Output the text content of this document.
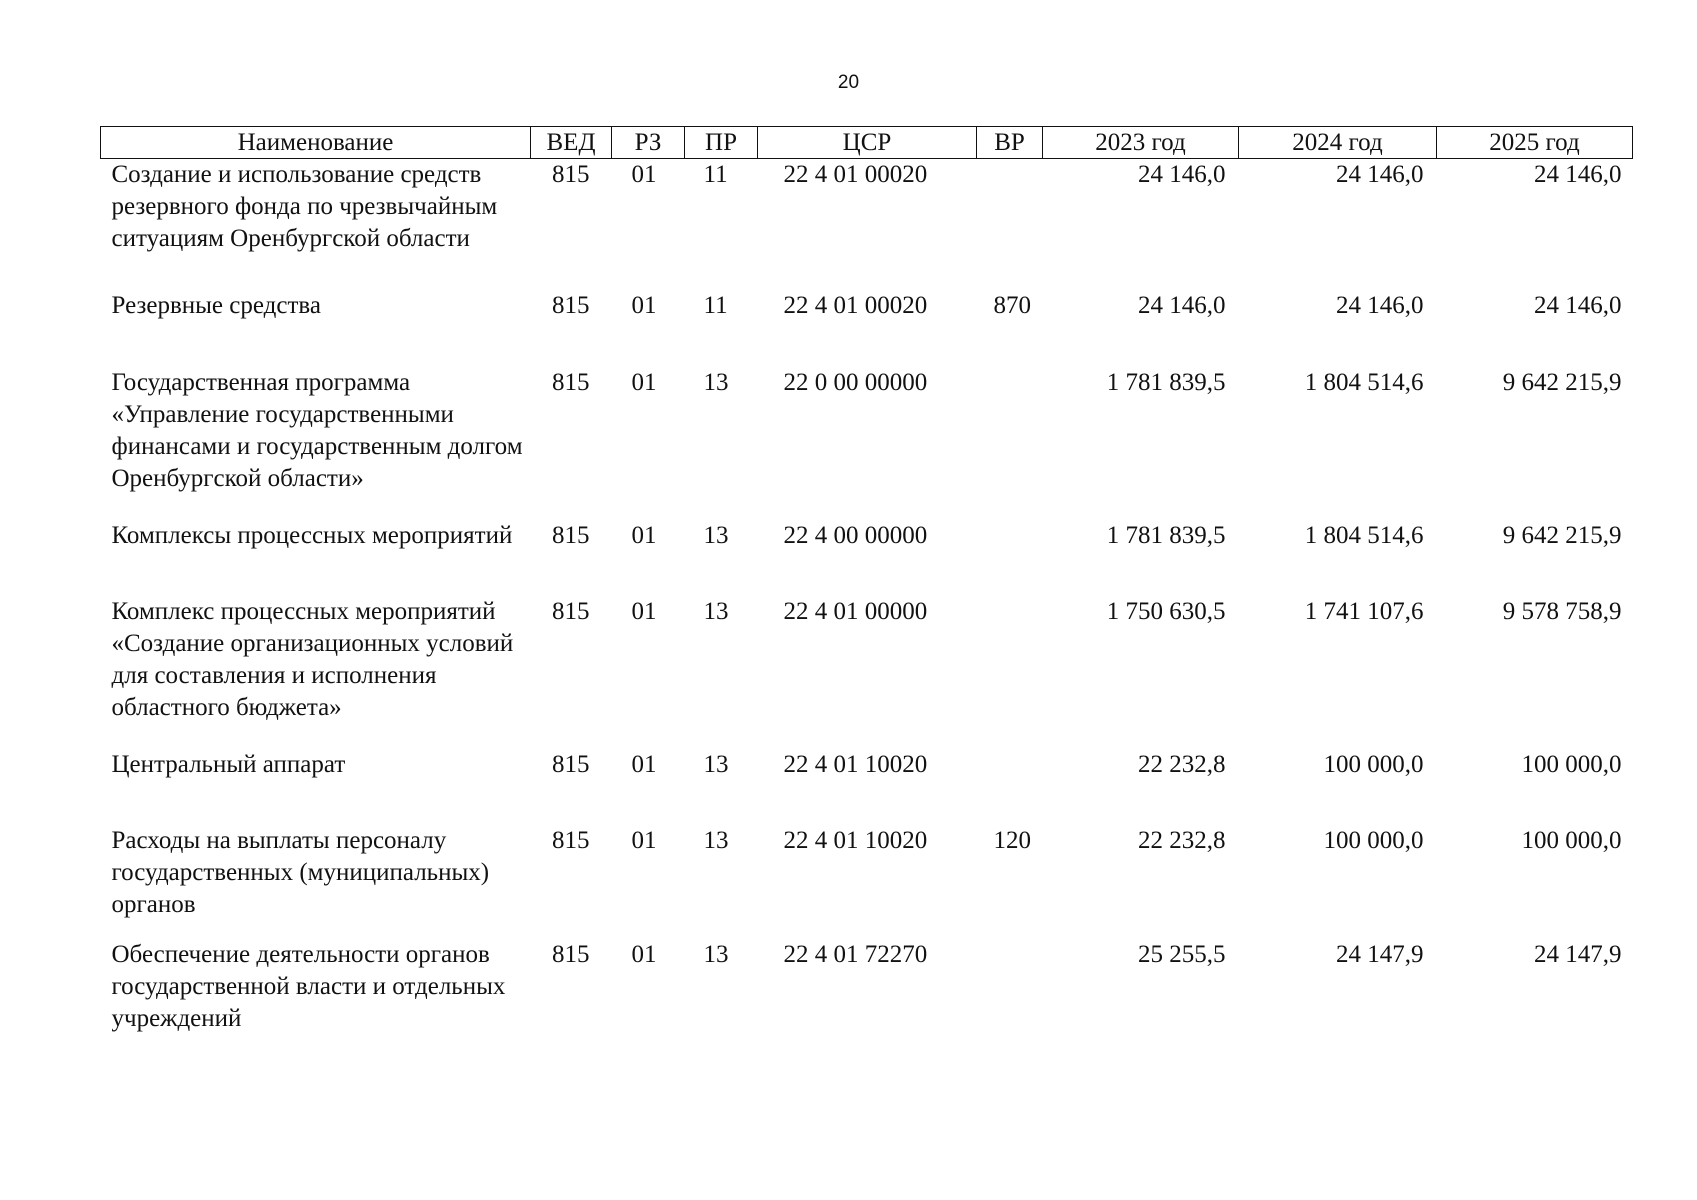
20
Наименование	ВЕД	РЗ	ПР	ЦСР	ВР	2023 год	2024 год	2025 год
Создание и использование средств резервного фонда по чрезвычайным ситуациям Оренбургской области	815	01	11	22 4 01 00020		24 146,0	24 146,0	24 146,0
Резервные средства	815	01	11	22 4 01 00020	870	24 146,0	24 146,0	24 146,0
Государственная программа «Управление государственными финансами и государственным долгом Оренбургской области»	815	01	13	22 0 00 00000		1 781 839,5	1 804 514,6	9 642 215,9
Комплексы процессных мероприятий	815	01	13	22 4 00 00000		1 781 839,5	1 804 514,6	9 642 215,9
Комплекс процессных мероприятий «Создание организационных условий для составления и исполнения областного бюджета»	815	01	13	22 4 01 00000		1 750 630,5	1 741 107,6	9 578 758,9
Центральный аппарат	815	01	13	22 4 01 10020		22 232,8	100 000,0	100 000,0
Расходы на выплаты персоналу государственных (муниципальных) органов	815	01	13	22 4 01 10020	120	22 232,8	100 000,0	100 000,0
Обеспечение деятельности органов государственной власти и отдельных учреждений	815	01	13	22 4 01 72270		25 255,5	24 147,9	24 147,9
